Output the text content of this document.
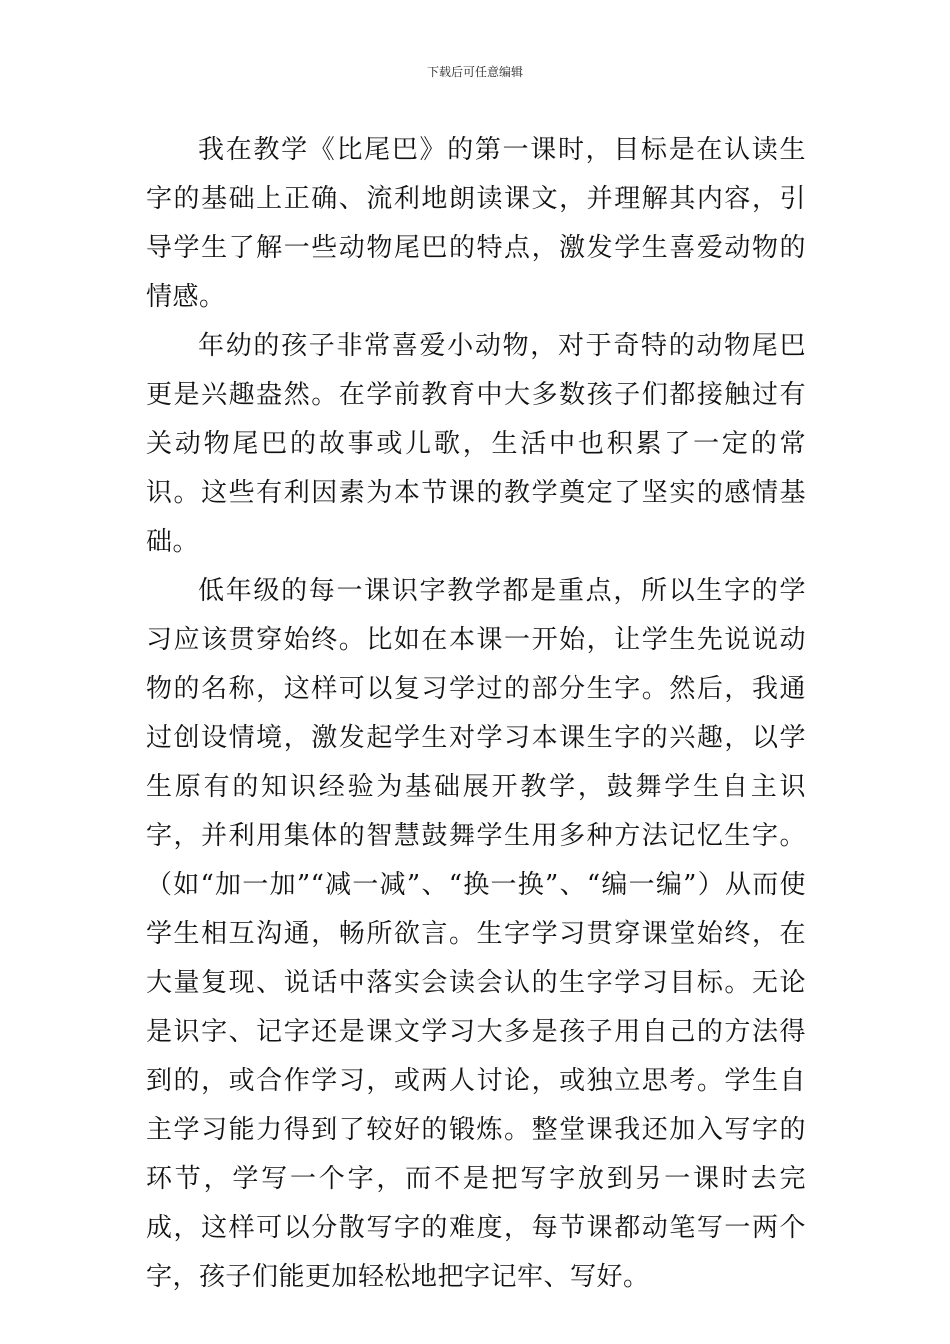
下载后可任意编辑

我在教学《比尾巴》的第一课时，目标是在认读生字的基础上正确、流利地朗读课文，并理解其内容，引导学生了解一些动物尾巴的特点，激发学生喜爱动物的情感。

年幼的孩子非常喜爱小动物，对于奇特的动物尾巴更是兴趣盎然。在学前教育中大多数孩子们都接触过有关动物尾巴的故事或儿歌，生活中也积累了一定的常识。这些有利因素为本节课的教学奠定了坚实的感情基础。

低年级的每一课识字教学都是重点，所以生字的学习应该贯穿始终。比如在本课一开始，让学生先说说动物的名称，这样可以复习学过的部分生字。然后，我通过创设情境，激发起学生对学习本课生字的兴趣，以学生原有的知识经验为基础展开教学，鼓舞学生自主识字，并利用集体的智慧鼓舞学生用多种方法记忆生字。（如“加一加”“减一减”、“换一换”、“编一编”）从而使学生相互沟通，畅所欲言。生字学习贯穿课堂始终，在大量复现、说话中落实会读会认的生字学习目标。无论是识字、记字还是课文学习大多是孩子用自己的方法得到的，或合作学习，或两人讨论，或独立思考。学生自主学习能力得到了较好的锻炼。整堂课我还加入写字的环节，学写一个字，而不是把写字放到另一课时去完成，这样可以分散写字的难度，每节课都动笔写一两个字，孩子们能更加轻松地把字记牢、写好。
